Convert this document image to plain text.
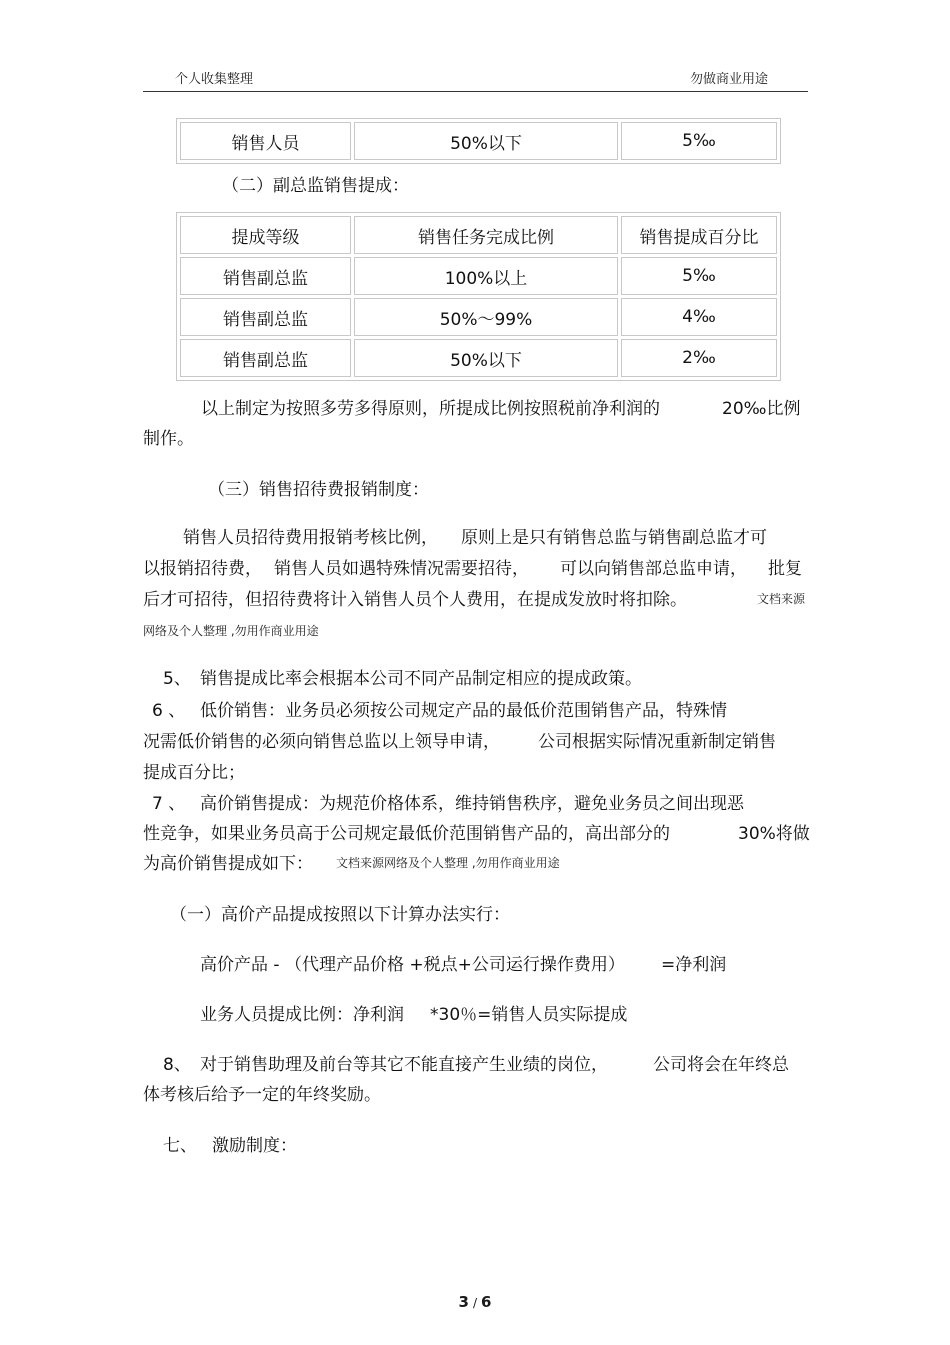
个人收集整理	勿做商业用途
销售人员	50%以下	5‰
（二）副总监销售提成：
提成等级	销售任务完成比例	销售提成百分比
销售副总监	100%以上	5‰
销售副总监	50%～99%	4‰
销售副总监	50%以下	2‰
以上制定为按照多劳多得原则，所提成比例按照税前净利润的	20‰比例
制作。
（三）销售招待费报销制度：
销售人员招待费用报销考核比例， 原则上是只有销售总监与销售副总监才可
以报销招待费， 销售人员如遇特殊情况需要招待， 可以向销售部总监申请， 批复
后才可招待，但招待费将计入销售人员个人费用，在提成发放时将扣除。	文档来源
网络及个人整理 ,勿用作商业用途
5、 销售提成比率会根据本公司不同产品制定相应的提成政策。
6 、 低价销售：业务员必须按公司规定产品的最低价范围销售产品，特殊情
况需低价销售的必须向销售总监以上领导申请， 公司根据实际情况重新制定销售
提成百分比；
7 、 高价销售提成：为规范价格体系，维持销售秩序，避免业务员之间出现恶
性竞争，如果业务员高于公司规定最低价范围销售产品的，高出部分的	30%将做
为高价销售提成如下： 文档来源网络及个人整理 ,勿用作商业用途
（一）高价产品提成按照以下计算办法实行：
高价产品 - （代理产品价格 +税点+公司运行操作费用） =净利润
业务人员提成比例：净利润 *30％=销售人员实际提成
8、 对于销售助理及前台等其它不能直接产生业绩的岗位，	公司将会在年终总
体考核后给予一定的年终奖励。
七、 激励制度：
3 / 6
